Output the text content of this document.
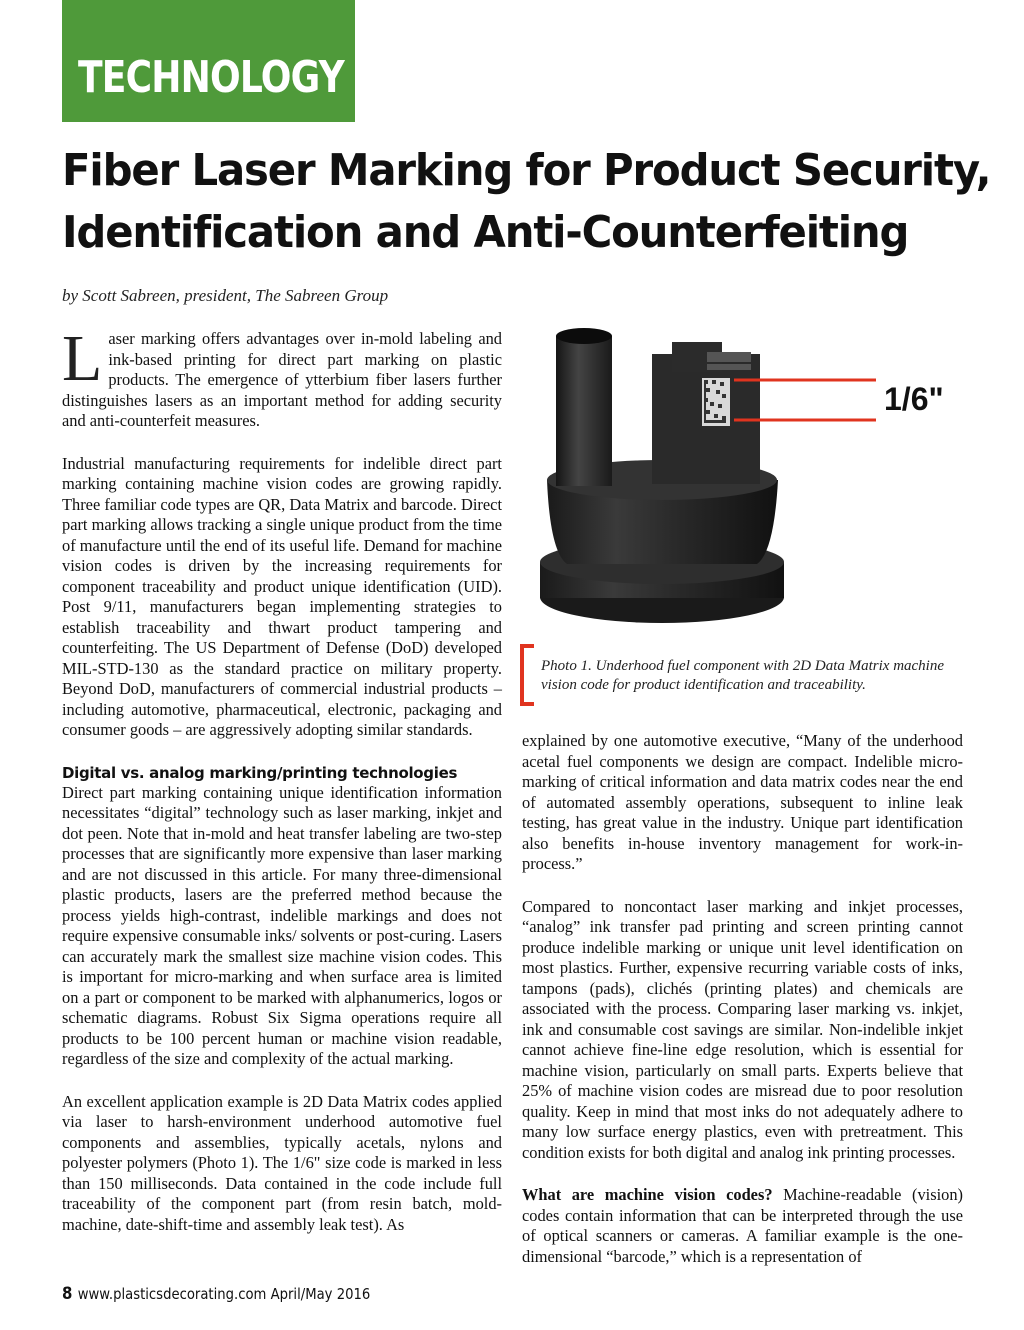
TECHNOLOGY
Fiber Laser Marking for Product Security,
Identification and Anti-Counterfeiting
by Scott Sabreen, president, The Sabreen Group

Laser marking offers advantages over in-mold labeling and ink-based printing for direct part marking on plastic products. The emergence of ytterbium fiber lasers further distinguishes lasers as an important method for adding security and anti-counterfeit measures.

Industrial manufacturing requirements for indelible direct part marking containing machine vision codes are growing rapidly. Three familiar code types are QR, Data Matrix and barcode. Direct part marking allows tracking a single unique product from the time of manufacture until the end of its useful life. Demand for machine vision codes is driven by the increasing requirements for component traceability and product unique identification (UID). Post 9/11, manufacturers began implementing strategies to establish traceability and thwart product tampering and counterfeiting. The US Department of Defense (DoD) developed MIL-STD-130 as the standard practice on military property. Beyond DoD, manufacturers of commercial industrial products – including automotive, pharmaceutical, electronic, packaging and consumer goods – are aggressively adopting similar standards.

Digital vs. analog marking/printing technologies

Direct part marking containing unique identification information necessitates “digital” technology such as laser marking, inkjet and dot peen. Note that in-mold and heat transfer labeling are two-step processes that are significantly more expensive than laser marking and are not discussed in this article. For many three-dimensional plastic products, lasers are the preferred method because the process yields high-contrast, indelible markings and does not require expensive consumable inks/ solvents or post-curing. Lasers can accurately mark the smallest size machine vision codes. This is important for micro-marking and when surface area is limited on a part or component to be marked with alphanumerics, logos or schematic diagrams. Robust Six Sigma operations require all products to be 100 percent human or machine vision readable, regardless of the size and complexity of the actual marking.

An excellent application example is 2D Data Matrix codes applied via laser to harsh-environment underhood automotive fuel components and assemblies, typically acetals, nylons and polyester polymers (Photo 1). The 1/6" size code is marked in less than 150 milliseconds. Data contained in the code include full traceability of the component part (from resin batch, mold-machine, date-shift-time and assembly leak test). As

1/6"
Photo 1. Underhood fuel component with 2D Data Matrix machine vision code for product identification and traceability.

explained by one automotive executive, “Many of the underhood acetal fuel components we design are compact. Indelible micro-marking of critical information and data matrix codes near the end of automated assembly operations, subsequent to inline leak testing, has great value in the industry. Unique part identification also benefits in-house inventory management for work-in-process.”

Compared to noncontact laser marking and inkjet processes, “analog” ink transfer pad printing and screen printing cannot produce indelible marking or unique unit level identification on most plastics. Further, expensive recurring variable costs of inks, tampons (pads), clichés (printing plates) and chemicals are associated with the process. Comparing laser marking vs. inkjet, ink and consumable cost savings are similar. Non-indelible inkjet cannot achieve fine-line edge resolution, which is essential for machine vision, particularly on small parts. Experts believe that 25% of machine vision codes are misread due to poor resolution quality. Keep in mind that most inks do not adequately adhere to many low surface energy plastics, even with pretreatment. This condition exists for both digital and analog ink printing processes.

What are machine vision codes? Machine-readable (vision) codes contain information that can be interpreted through the use of optical scanners or cameras. A familiar example is the one-dimensional “barcode,” which is a representation of

8 www.plasticsdecorating.com April/May 2016
